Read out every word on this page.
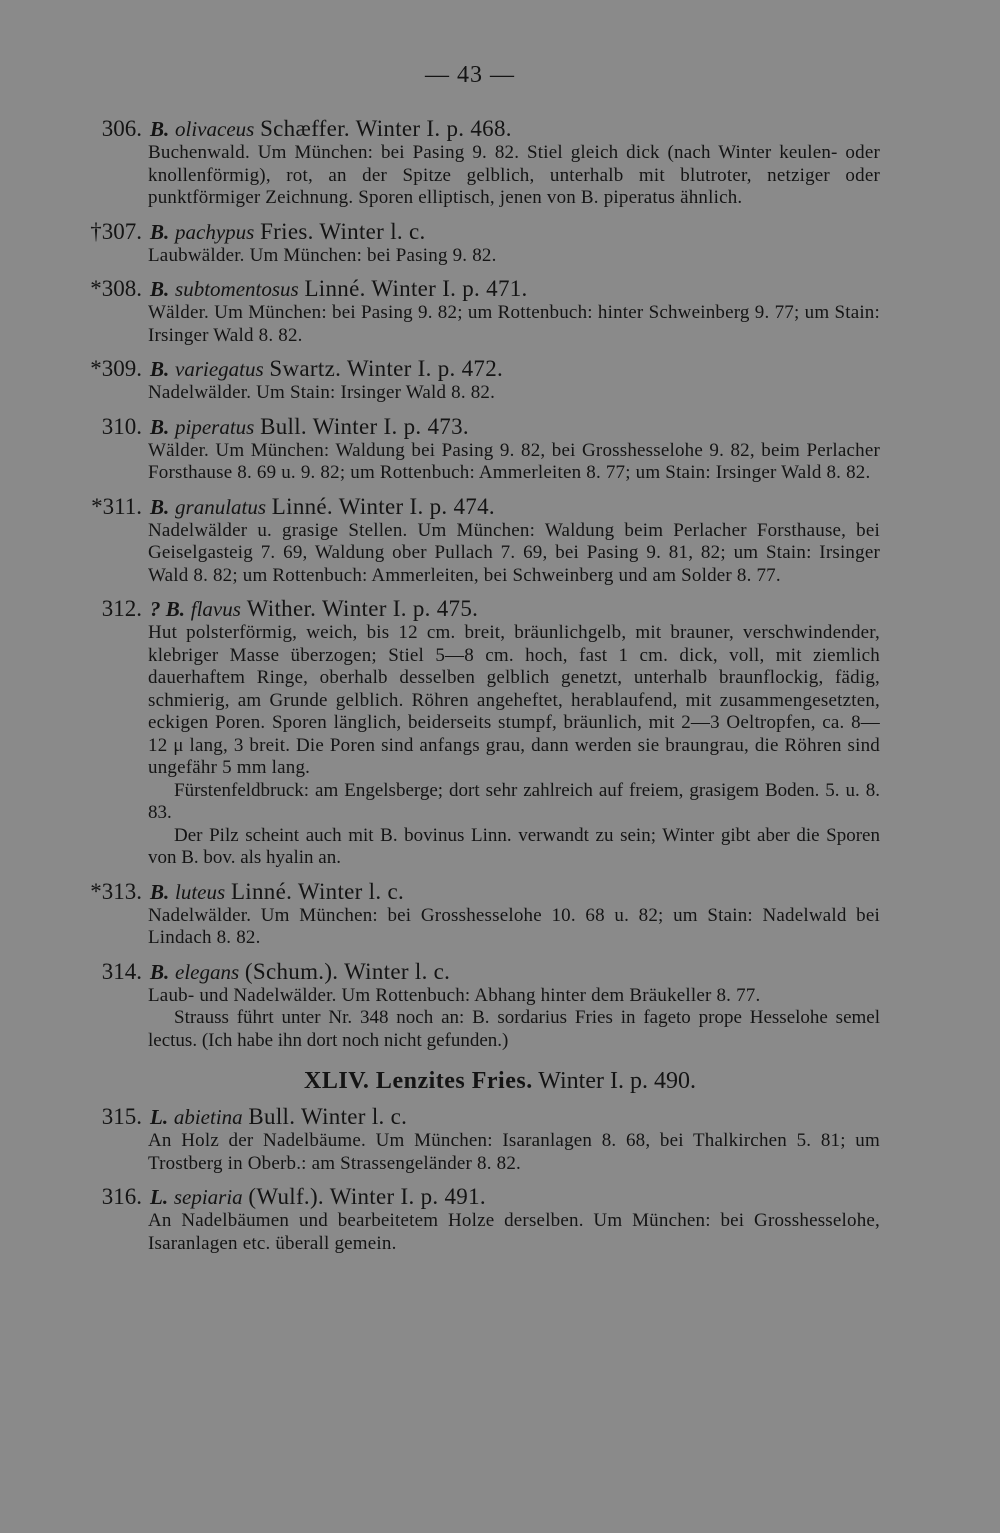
— 43 —
306. B. olivaceus Schæffer. Winter I. p. 468.
Buchenwald. Um München: bei Pasing 9. 82. Stiel gleich dick (nach Winter keulen- oder knollenförmig), rot, an der Spitze gelblich, unterhalb mit blutroter, netziger oder punktförmiger Zeichnung. Sporen elliptisch, jenen von B. piperatus ähnlich.
†307. B. pachypus Fries. Winter l. c.
Laubwälder. Um München: bei Pasing 9. 82.
*308. B. subtomentosus Linné. Winter I. p. 471.
Wälder. Um München: bei Pasing 9. 82; um Rottenbuch: hinter Schweinberg 9. 77; um Stain: Irsinger Wald 8. 82.
*309. B. variegatus Swartz. Winter I. p. 472.
Nadelwälder. Um Stain: Irsinger Wald 8. 82.
310. B. piperatus Bull. Winter I. p. 473.
Wälder. Um München: Waldung bei Pasing 9. 82, bei Grosshesselohe 9. 82, beim Perlacher Forsthause 8. 69 u. 9. 82; um Rottenbuch: Ammerleiten 8. 77; um Stain: Irsinger Wald 8. 82.
*311. B. granulatus Linné. Winter I. p. 474.
Nadelwälder u. grasige Stellen. Um München: Waldung beim Perlacher Forsthause, bei Geiselgasteig 7. 69, Waldung ober Pullach 7. 69, bei Pasing 9. 81, 82; um Stain: Irsinger Wald 8. 82; um Rottenbuch: Ammerleiten, bei Schweinberg und am Solder 8. 77.
312. ? B. flavus Wither. Winter I. p. 475.
Hut polsterförmig, weich, bis 12 cm. breit, bräunlichgelb, mit brauner, verschwindender, klebriger Masse überzogen; Stiel 5—8 cm. hoch, fast 1 cm. dick, voll, mit ziemlich dauerhaftem Ringe, oberhalb desselben gelblich genetzt, unterhalb braunflockig, fädig, schmierig, am Grunde gelblich. Röhren angeheftet, herablaufend, mit zusammengesetzten, eckigen Poren. Sporen länglich, beiderseits stumpf, bräunlich, mit 2—3 Oeltropfen, ca. 8—12 μ lang, 3 breit. Die Poren sind anfangs grau, dann werden sie braungrau, die Röhren sind ungefähr 5 mm lang.
Fürstenfeldbruck: am Engelsberge; dort sehr zahlreich auf freiem, grasigem Boden. 5. u. 8. 83.
Der Pilz scheint auch mit B. bovinus Linn. verwandt zu sein; Winter gibt aber die Sporen von B. bov. als hyalin an.
*313. B. luteus Linné. Winter l. c.
Nadelwälder. Um München: bei Grosshesselohe 10. 68 u. 82; um Stain: Nadelwald bei Lindach 8. 82.
314. B. elegans (Schum.). Winter l. c.
Laub- und Nadelwälder. Um Rottenbuch: Abhang hinter dem Bräukeller 8. 77.
Strauss führt unter Nr. 348 noch an: B. sordarius Fries in fageto prope Hesselohe semel lectus. (Ich habe ihn dort noch nicht gefunden.)
XLIV. Lenzites Fries. Winter I. p. 490.
315. L. abietina Bull. Winter l. c.
An Holz der Nadelbäume. Um München: Isaranlagen 8. 68, bei Thalkirchen 5. 81; um Trostberg in Oberb.: am Strassengeländer 8. 82.
316. L. sepiaria (Wulf.). Winter I. p. 491.
An Nadelbäumen und bearbeitetem Holze derselben. Um München: bei Grosshesselohe, Isaranlagen etc. überall gemein.
